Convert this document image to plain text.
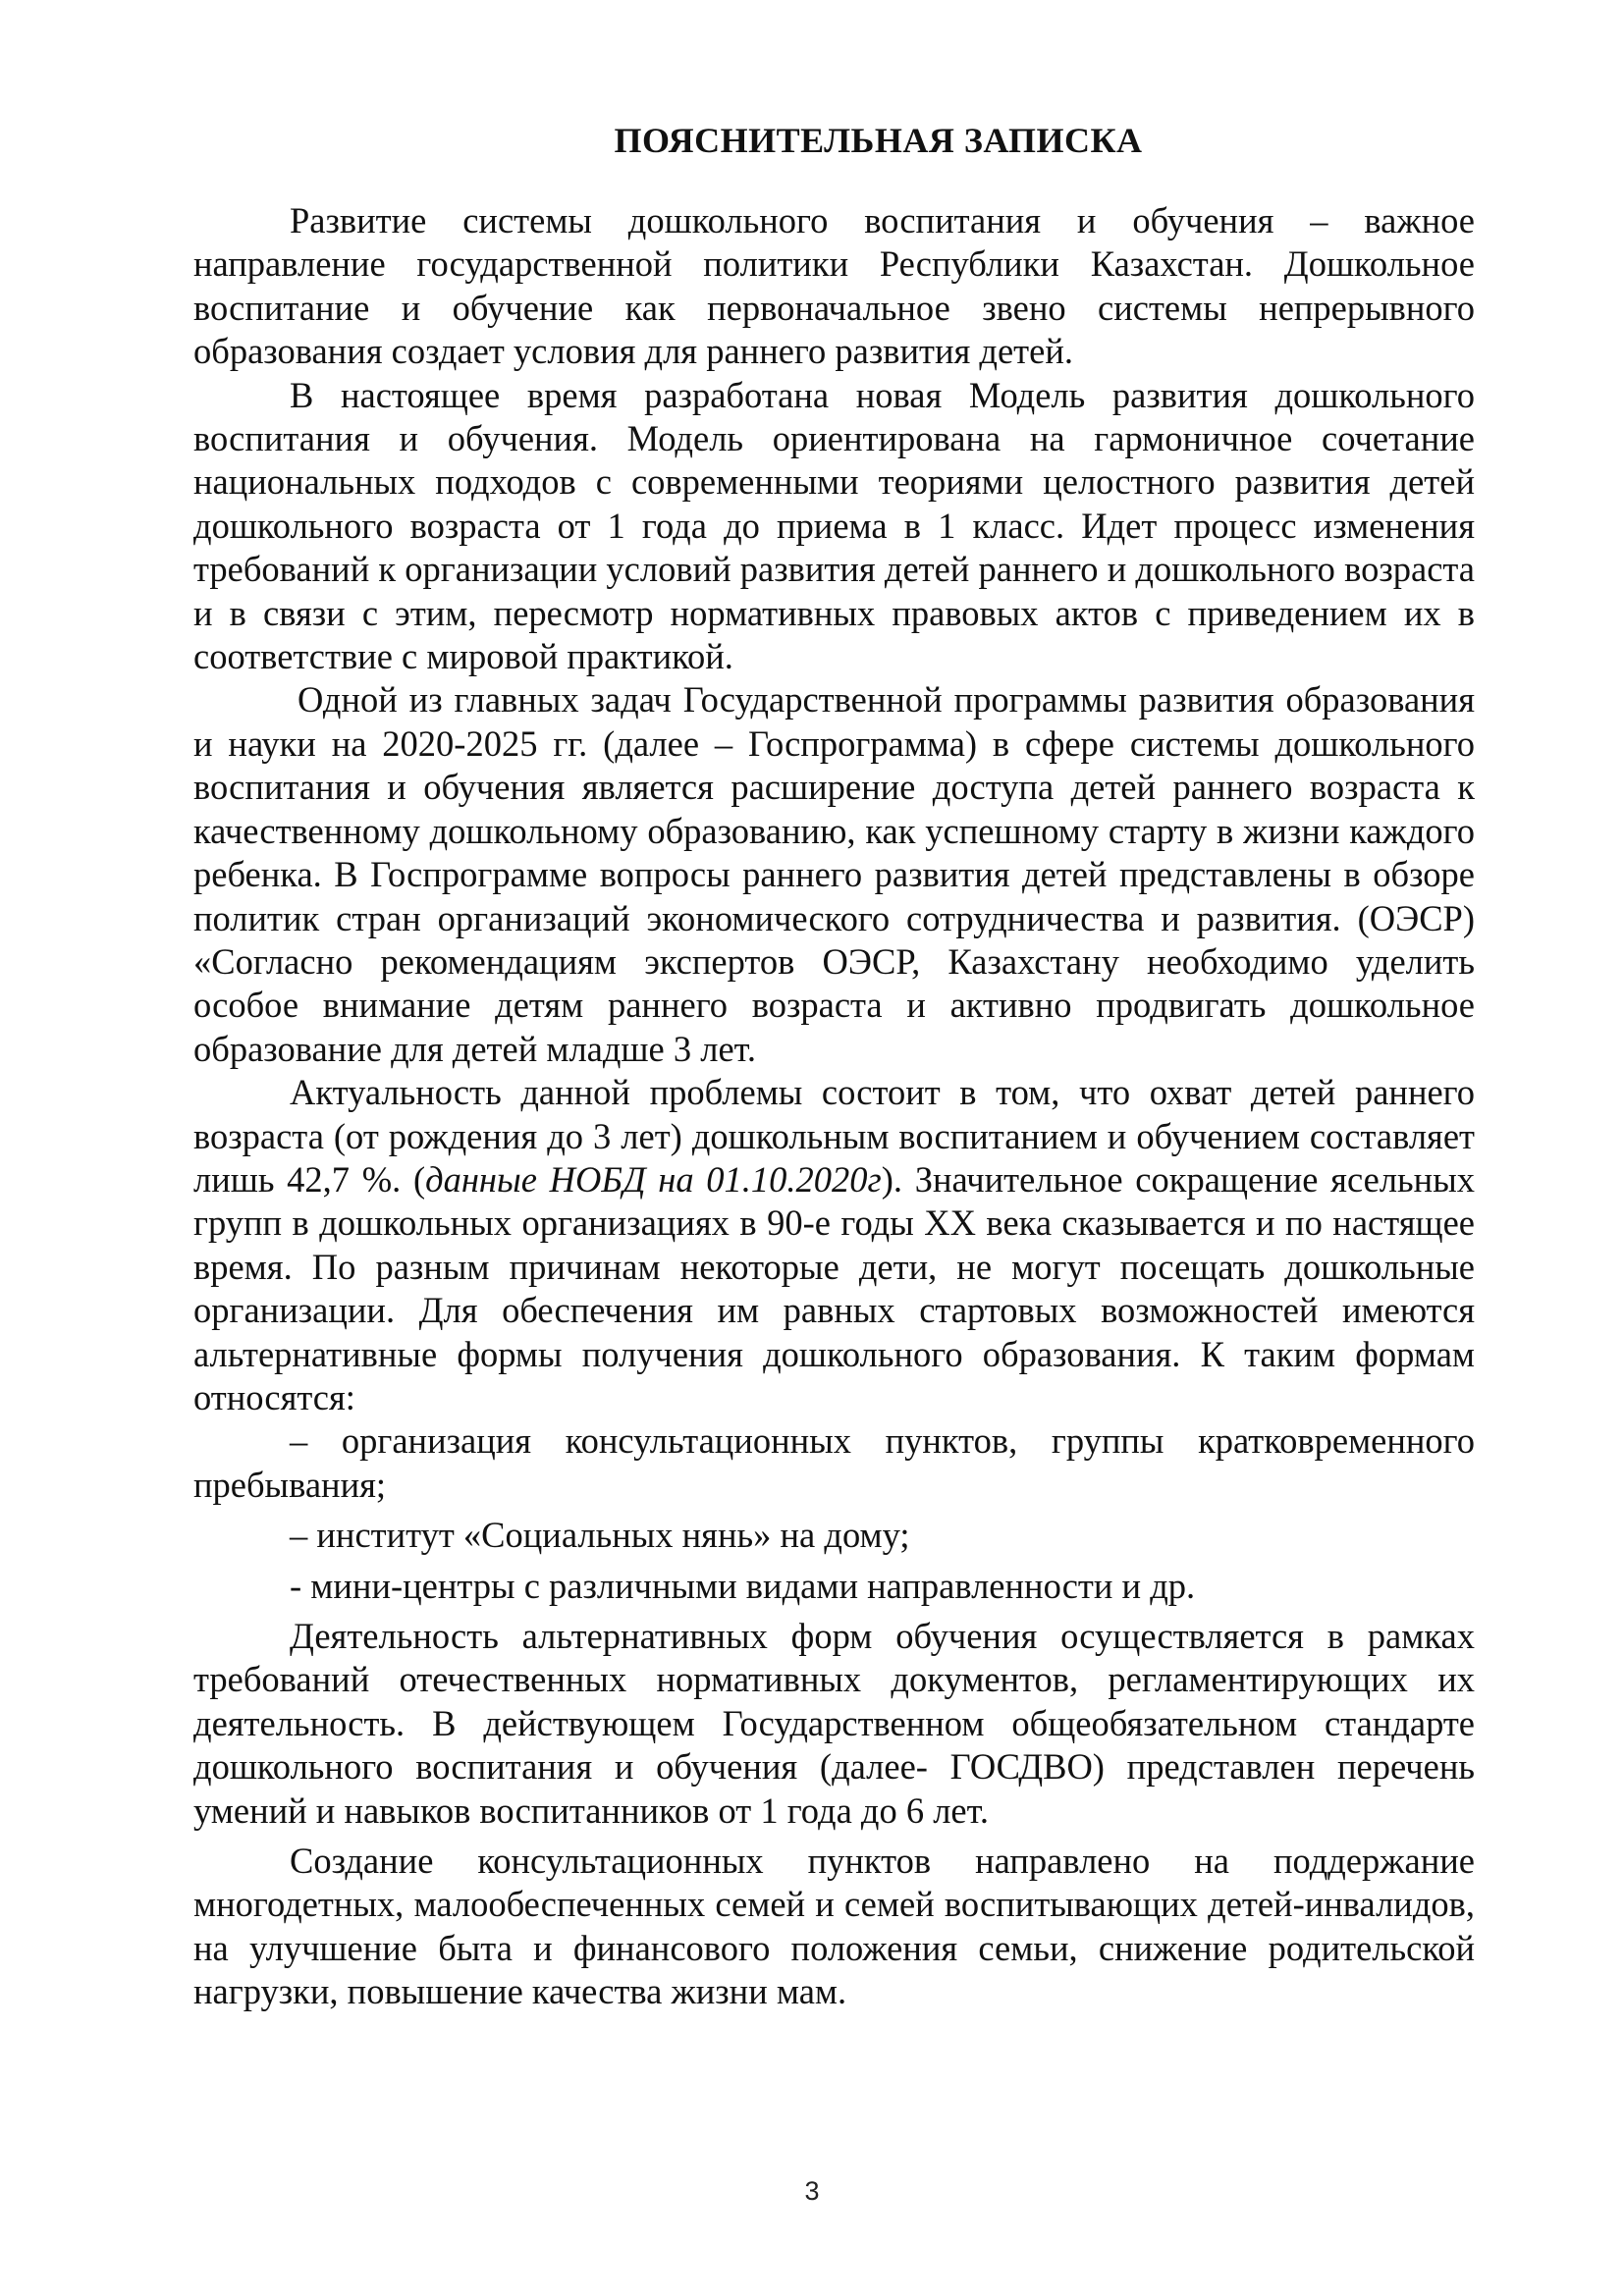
ПОЯСНИТЕЛЬНАЯ ЗАПИСКА

Развитие системы дошкольного воспитания и обучения – важное направление государственной политики Республики Казахстан. Дошкольное воспитание и обучение как первоначальное звено системы непрерывного образования создает условия для раннего развития детей.

В настоящее время разработана новая Модель развития дошкольного воспитания и обучения. Модель ориентирована на гармоничное сочетание национальных подходов с современными теориями целостного развития детей дошкольного возраста от 1 года до приема в 1 класс. Идет процесс изменения требований к организации условий развития детей раннего и дошкольного возраста и в связи с этим, пересмотр нормативных правовых актов с приведением их в соответствие с мировой практикой.

Одной из главных задач Государственной программы развития образования и науки на 2020-2025 гг. (далее – Госпрограмма) в сфере системы дошкольного воспитания и обучения является расширение доступа детей раннего возраста к качественному дошкольному образованию, как успешному старту в жизни каждого ребенка. В Госпрограмме вопросы раннего развития детей представлены в обзоре политик стран организаций экономического сотрудничества и развития. (ОЭСР) «Согласно рекомендациям экспертов ОЭСР, Казахстану необходимо уделить особое внимание детям раннего возраста и активно продвигать дошкольное образование для детей младше 3 лет.

Актуальность данной проблемы состоит в том, что охват детей раннего возраста (от рождения до 3 лет) дошкольным воспитанием и обучением составляет лишь 42,7 %. (данные НОБД на 01.10.2020г). Значительное сокращение ясельных групп в дошкольных организациях в 90-е годы XX века сказывается и по настящее время. По разным причинам некоторые дети, не могут посещать дошкольные организации. Для обеспечения им равных стартовых возможностей имеются альтернативные формы получения дошкольного образования. К таким формам относятся:

– организация консультационных пунктов, группы кратковременного пребывания;

– институт «Социальных нянь» на дому;

- мини-центры с различными видами направленности и др.

Деятельность альтернативных форм обучения осуществляется в рамках требований отечественных нормативных документов, регламентирующих их деятельность. В действующем Государственном общеобязательном стандарте дошкольного воспитания и обучения (далее- ГОСДВО) представлен перечень умений и навыков воспитанников от 1 года до 6 лет.

Создание консультационных пунктов направлено на поддержание многодетных, малообеспеченных семей и семей воспитывающих детей-инвалидов, на улучшение быта и финансового положения семьи, снижение родительской нагрузки, повышение качества жизни мам.

3
